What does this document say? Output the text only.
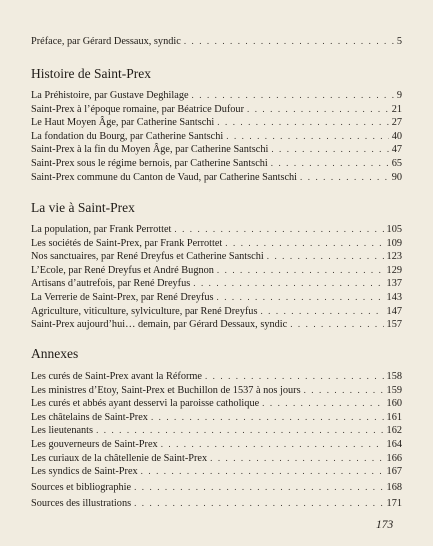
Préface, par Gérard Dessaux, syndic . . .	5
Histoire de Saint-Prex
La Préhistoire, par Gustave Deghilage . . .	9
Saint-Prex à l’époque romaine, par Béatrice Dufour . . .	21
Le Haut Moyen Âge, par Catherine Santschi . . .	27
La fondation du Bourg, par Catherine Santschi . . .	40
Saint-Prex à la fin du Moyen Âge, par Catherine Santschi . . .	47
Saint-Prex sous le régime bernois, par Catherine Santschi . . .	65
Saint-Prex commune du Canton de Vaud, par Catherine Santschi . . .	90
La vie à Saint-Prex
La population, par Frank Perrottet . . .	105
Les sociétés de Saint-Prex, par Frank Perrottet . . .	109
Nos sanctuaires, par René Dreyfus et Catherine Santschi . . .	123
L’Ecole, par René Dreyfus et André Bugnon . . .	129
Artisans d’autrefois, par René Dreyfus . . .	137
La Verrerie de Saint-Prex, par René Dreyfus . . .	143
Agriculture, viticulture, sylviculture, par René Dreyfus . . .	147
Saint-Prex aujourd’hui… demain, par Gérard Dessaux, syndic . . .	157
Annexes
Les curés de Saint-Prex avant la Réforme . . .	158
Les ministres d’Etoy, Saint-Prex et Buchillon de 1537 à nos jours . . .	159
Les curés et abbés ayant desservi la paroisse catholique . . .	160
Les châtelains de Saint-Prex . . .	161
Les lieutenants . . .	162
Les gouverneurs de Saint-Prex . . .	164
Les curiaux de la châtellenie de Saint-Prex . . .	166
Les syndics de Saint-Prex . . .	167
Sources et bibliographie . . .	168
Sources des illustrations . . .	171
173
